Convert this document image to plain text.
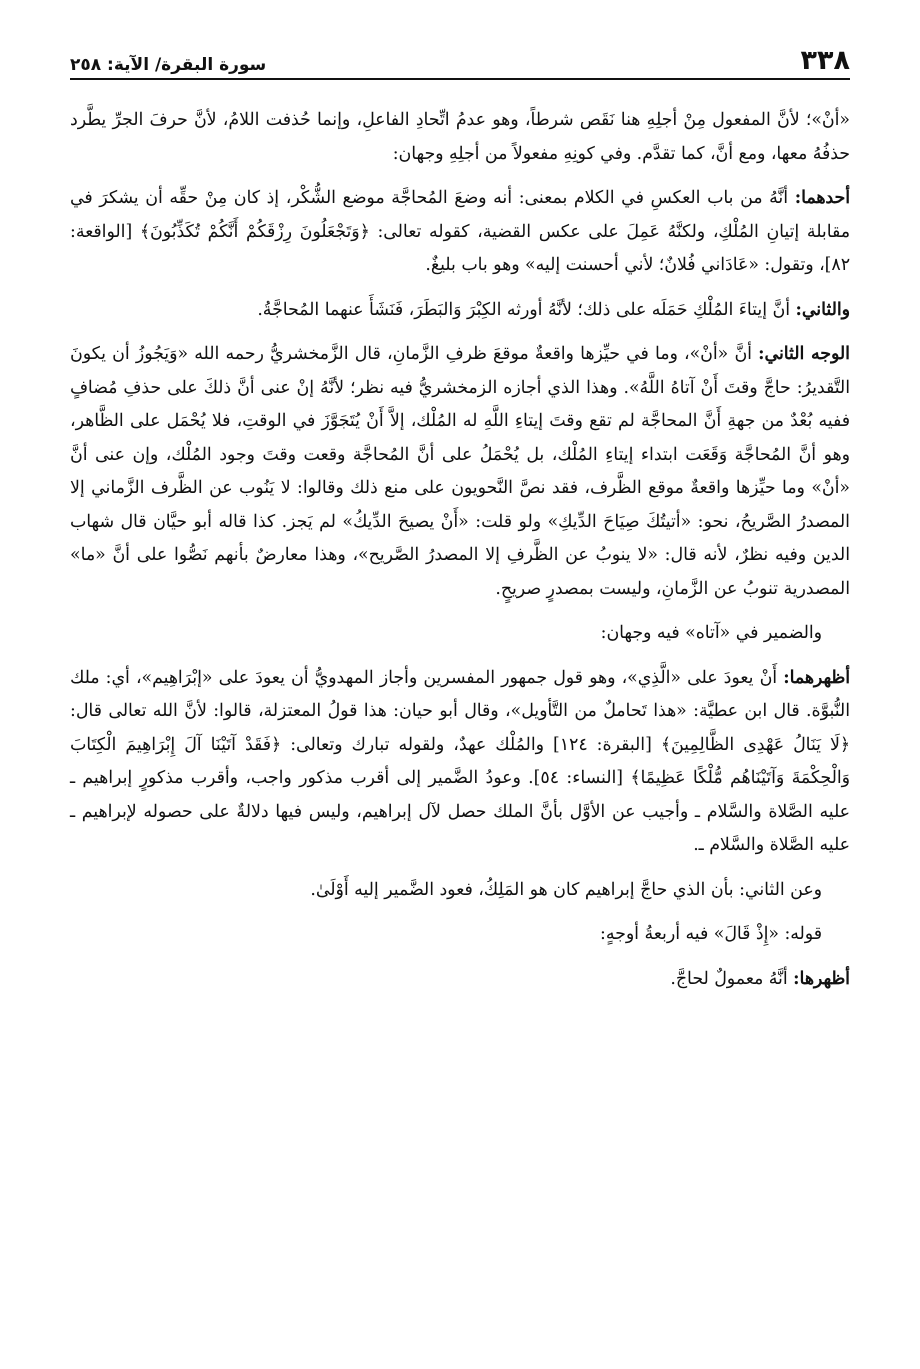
٣٣٨
سورة البقرة/ الآية: ٢٥٨

«أنْ»؛ لأنَّ المفعول مِنْ أجلِهِ هنا نَقَص شرطاً، وهو عدمُ اتِّحادِ الفاعلِ، وإنما حُذفت اللامُ، لأنَّ حرفَ الجرِّ يطَّرد حذفُهُ معها، ومع أنَّ، كما تقدَّم. وفي كونِهِ مفعولاً من أجلِهِ وجهان:

أحدهما: أنَّهُ من باب العكسِ في الكلام بمعنى: أنه وضعَ المُحاجَّة موضع الشُّكْر، إذ كان مِنْ حقِّه أن يشكرَ في مقابلة إتيانِ المُلْكِ، ولكنَّهُ عَمِلَ على عكس القضية، كقوله تعالى: ﴿وَتَجْعَلُونَ رِزْقَكُمْ أَنَّكُمْ تُكَذِّبُونَ﴾ [الواقعة: ٨٢]، وتقول: «عَادَاني فُلانٌ؛ لأني أحسنت إليه» وهو باب بليغٌ.

والثاني: أنَّ إيتاءَ المُلْكِ حَمَلَه على ذلك؛ لأنَّهُ أورثه الكِبْرَ وَالبَطَرَ، فَنَشَأَ عنهما المُحاجَّةُ.

الوجه الثاني: أنَّ «أنْ»، وما في حيِّزها واقعةٌ موقعَ ظرفِ الزَّمانِ، قال الزَّمخشريُّ رحمه الله «وَيَجُوزُ أن يكونَ التَّقديرُ: حاجَّ وقتَ أَنْ آتاهُ اللَّهُ». وهذا الذي أجازه الزمخشريُّ فيه نظر؛ لأنَّهُ إنْ عنى أنَّ ذلكَ على حذفِ مُضافٍ ففيه بُعْدٌ من جهةِ أَنَّ المحاجَّة لم تقع وقتَ إيتاءِ اللَّهِ له المُلْك، إلاَّ أَنْ يُتَجَوَّزَ في الوقتِ، فلا يُحْمَل على الظَّاهر، وهو أنَّ المُحاجَّة وَقَعَت ابتداء إيتاءِ المُلْك، بل يُحْمَلُ على أنَّ المُحاجَّة وقعت وقتَ وجود المُلْك، وإن عنى أنَّ «أنْ» وما حيِّزها واقعةٌ موقع الظَّرف، فقد نصَّ النَّحويون على منع ذلك وقالوا: لا يَنُوب عن الظَّرف الزَّماني إلا المصدرُ الصَّريحُ، نحو: «أتيتُكَ صِيَاحَ الدِّيكِ» ولو قلت: «أَنْ يصيحَ الدِّيكُ» لم يَجز. كذا قاله أبو حيَّان قال شهاب الدين وفيه نظرٌ، لأنه قال: «لا ينوبُ عن الظَّرفِ إلا المصدرُ الصَّريح»، وهذا معارضٌ بأنهم نَصُّوا على أنَّ «ما» المصدرية تنوبُ عن الزَّمانِ، وليست بمصدرٍ صريحٍ.

والضمير في «آتاه» فيه وجهان:

أظهرهما: أَنْ يعودَ على «الَّذِي»، وهو قول جمهور المفسرين وأجاز المهدويُّ أن يعودَ على «إبْرَاهِيم»، أي: ملك النُّبوَّة. قال ابن عطيَّة: «هذا تَحاملٌ من التَّأويل»، وقال أبو حيان: هذا قولُ المعتزلة، قالوا: لأنَّ الله تعالى قال: ﴿لَا يَنَالُ عَهْدِى الظَّالِمِينَ﴾ [البقرة: ١٢٤] والمُلْك عهدٌ، ولقوله تبارك وتعالى: ﴿فَقَدْ آتَيْنَا آلَ إِبْرَاهِيمَ الْكِتَابَ وَالْحِكْمَةَ وَآتَيْنَاهُم مُّلْكًا عَظِيمًا﴾ [النساء: ٥٤]. وعودُ الضَّمير إلى أقرب مذكور واجب، وأقرب مذكورٍ إبراهيم ـ عليه الصَّلاة والسَّلام ـ وأجيب عن الأوَّل بأنَّ الملك حصل لآل إبراهيم، وليس فيها دلالةٌ على حصوله لإبراهيم ـ عليه الصَّلاة والسَّلام ـ.

وعن الثاني: بأن الذي حاجَّ إبراهيم كان هو المَلِكُ، فعود الضَّمير إليه أَوْلَىٰ.

قوله: «إِذْ قَالَ» فيه أربعةُ أوجهٍ:

أظهرها: أنَّهُ معمولٌ لحاجَّ.
